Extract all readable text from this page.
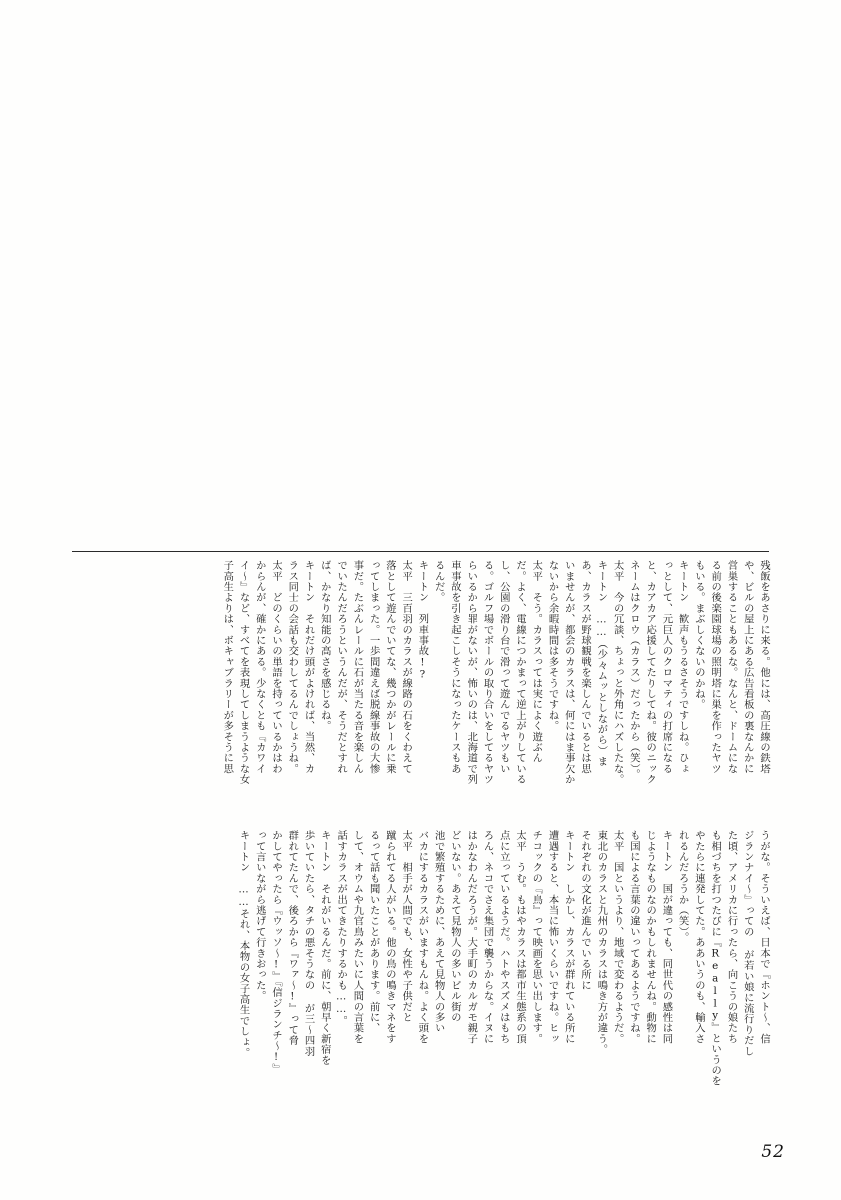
残飯をあさりに来る。他には、高圧線の鉄塔
や、ビルの屋上にある広告看板の裏なんかに
営巣することもあるな。なんと、ドームにな
る前の後楽園球場の照明塔に巣を作ったヤツ
もいる。まぶしくないのかね。
キートン　歓声もうるさそうですしね。ひょ
っとして、元巨人のクロマティの打席になる
と、カアカア応援してたりしてね。彼のニック
ネームはクロウ（カラス）だったから（笑）。
太平　今の冗談、ちょっと外角にハズしたな。
キートン　……（少々ムッとしながら）ま
あ、カラスが野球観戦を楽しんでいるとは思
いませんが、都会のカラスは、何にはま事欠か
ないから余暇時間は多そうですね。
太平　そう。カラスっては実によく遊ぶん
だ。よく、電線につかまって逆上がりしている
し、公園の滑り台で滑って遊んでるヤツもい
る。ゴルフ場でボールの取り合いをしてるヤツ
らいるから罪がないが、怖いのは、北海道で列
車事故を引き起こしそうになったケースもあ
るんだ。
キートン　列車事故!?
太平　三百羽のカラスが線路の石をくわえて
落として遊んでいてな、幾つかがレールに乗
ってしまった。一歩間違えば脱線事故の大惨
事だ。たぶんレールに石が当たる音を楽しん
でいたんだろうというんだが、そうだとすれ
ば、かなり知能の高さを感じるね。
キートン　それだけ頭がよければ、当然、カ
ラス同士の会話も交わしてるんでしょうね。
太平　どのくらいの単語を持っているかはわ
からんが、確かにある。少なくとも『カワイ
イ〜』など、すべてを表現してしまうような女
子高生よりは、ボキャブラリーが多そうに思
うがな。そういえば、日本で『ホント〜、信
ジランナイ〜』っての が若い娘に流行りだし
た頃、アメリカに行ったら、向こうの娘たち
も相づちを打つたびに『Really』というのを
やたらに連発してた。ああいうのも、輸入さ
れるんだろうか（笑）。
キートン　国が違っても、同世代の感性は同
じようなものなのかもしれませんね。動物に
も国による言葉の違いってあるようですね。
太平　国というより、地域で変わるようだ。
東北のカラスと九州のカラスは鳴き方が違う。
それぞれの文化が進んでいる所に
キートン　しかし、カラスが群れている所に
遭遇すると、本当に怖いくらいですね。ヒッ
チコックの『鳥』って映画を思い出します。
太平　うむ。もはやカラスは都市生態系の頂
点に立っているようだ。ハトやスズメはもち
ろん、ネコでさえ集団で襲うからな。イヌに
はかなわんだろうが。大手町のカルガモ親子
どいない。あえて見物人の多いビル街の
池で繁殖するために、あえて見物人の多い
バカにするカラスがいますもんね。よく頭を
太平　相手が人間でも、女性や子供だと
蹴られてる人がいる。他の鳥の鳴きマネをす
るって話も聞いたことがあります。前に、
して、オウムや九官鳥みたいに人間の言葉を
話すカラスが出てきたりするかも……。
キートン　それがいるんだ。前に、朝早く新宿を
歩いていたら、タチの悪そうなの が三〜四羽
群れてたんで、後ろから『ワァ〜!』って脅
かしてやったら『ウッソ〜!』『信ジランチ〜!』
って言いながら逃げて行きおった。
キートン　……それ、本物の女子高生でしょ。
52
